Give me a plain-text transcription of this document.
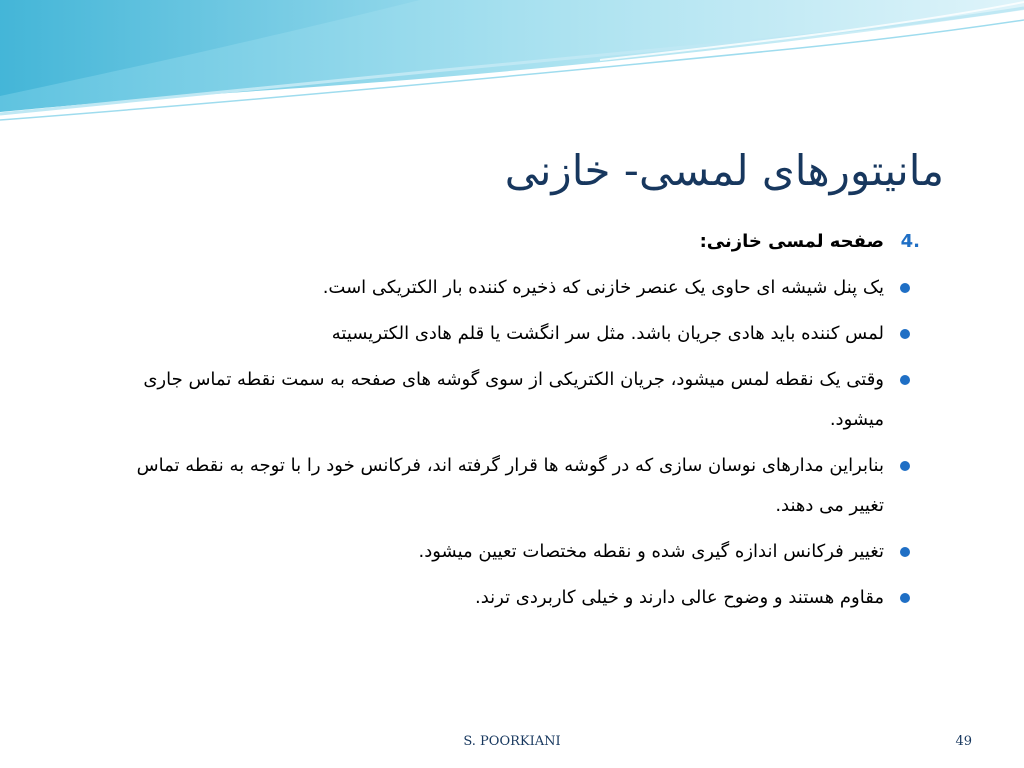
مانیتورهای لمسی- خازنی
4.
صفحه لمسی خازنی:
یک پنل شیشه ای حاوی یک عنصر خازنی که ذخیره کننده بار الکتریکی است.
لمس کننده باید هادی جریان باشد. مثل سر انگشت یا قلم هادی الکتریسیته
وقتی یک نقطه لمس میشود، جریان الکتریکی از سوی گوشه های صفحه به سمت نقطه تماس جاری میشود.
بنابراین مدارهای نوسان سازی که در گوشه ها قرار گرفته اند، فرکانس خود را با توجه به نقطه تماس تغییر می دهند.
تغییر فرکانس اندازه گیری شده و نقطه مختصات تعیین میشود.
مقاوم هستند و وضوح عالی دارند و خیلی کاربردی ترند.
S. POORKIANI	49
